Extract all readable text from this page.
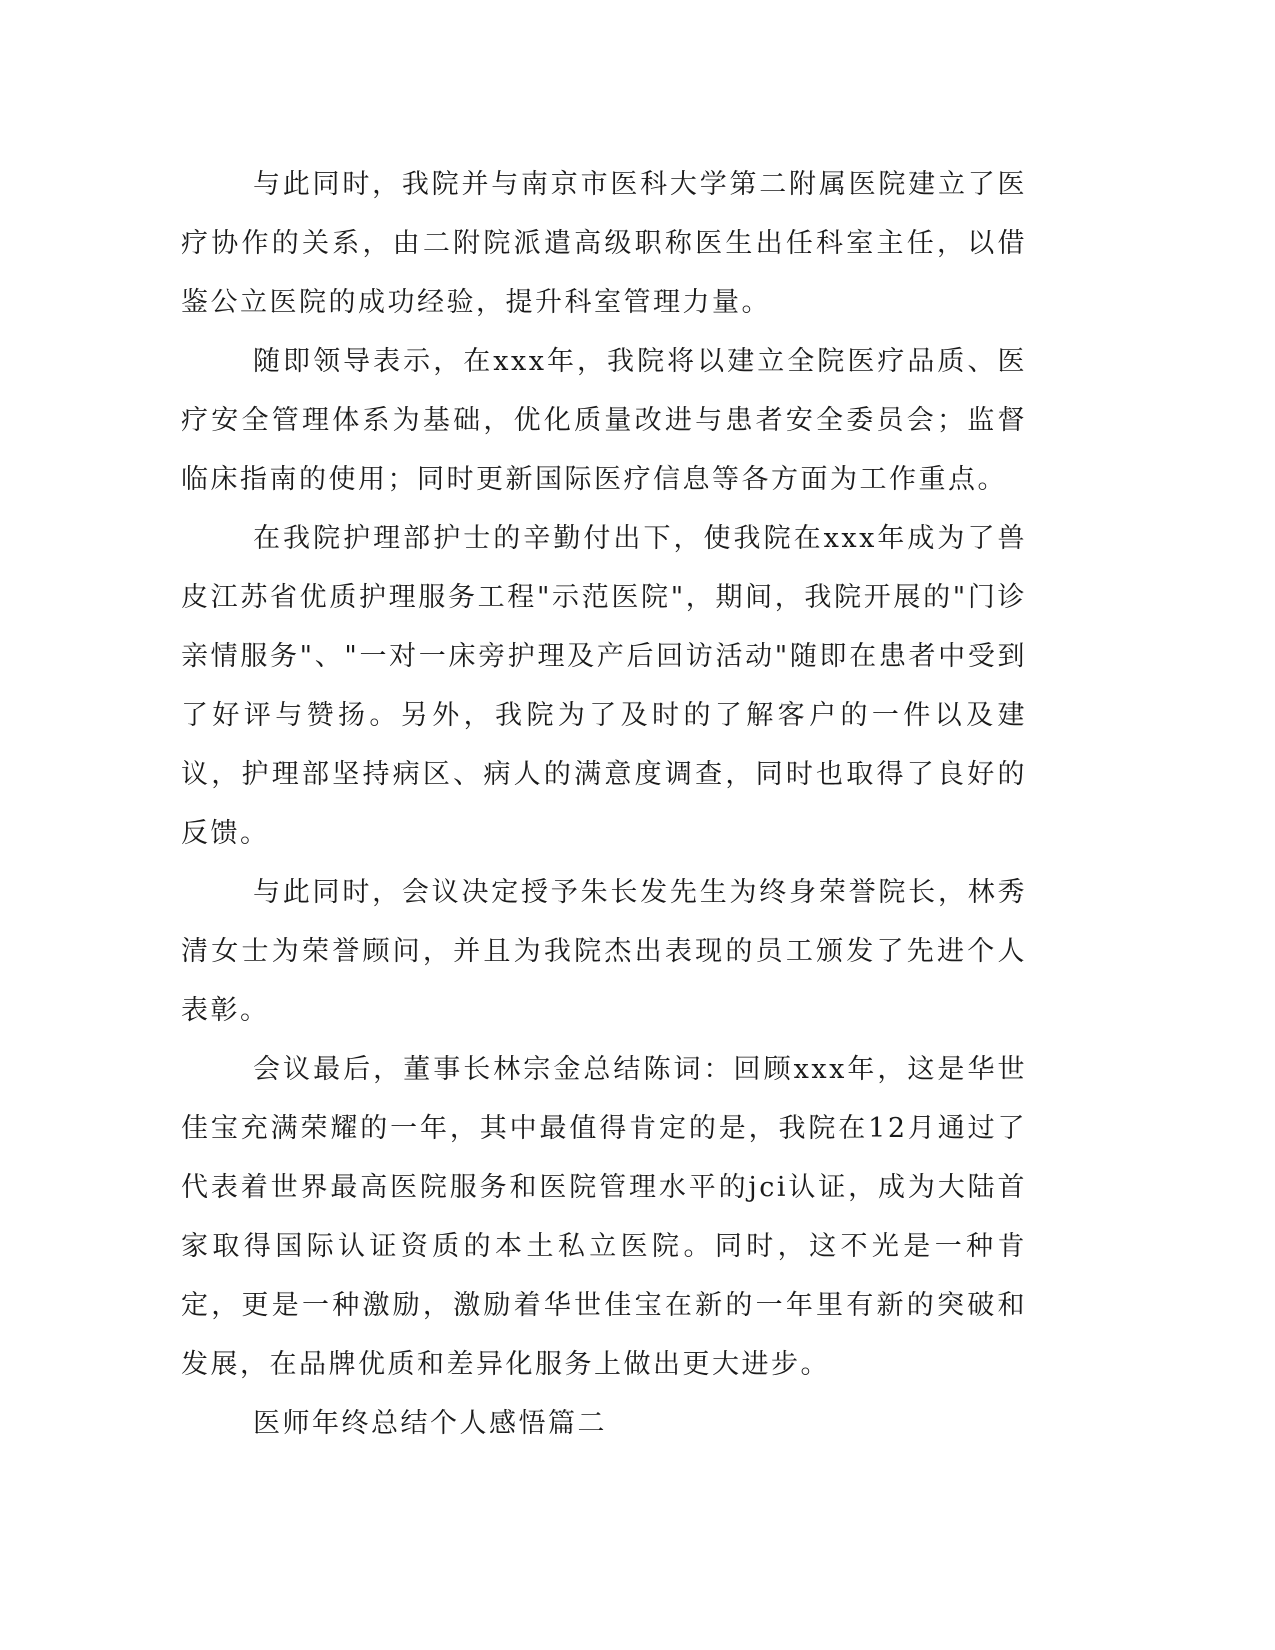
与此同时，我院并与南京市医科大学第二附属医院建立了医疗协作的关系，由二附院派遣高级职称医生出任科室主任，以借鉴公立医院的成功经验，提升科室管理力量。

随即领导表示，在xxx年，我院将以建立全院医疗品质、医疗安全管理体系为基础，优化质量改进与患者安全委员会；监督临床指南的使用；同时更新国际医疗信息等各方面为工作重点。

在我院护理部护士的辛勤付出下，使我院在xxx年成为了兽皮江苏省优质护理服务工程"示范医院"，期间，我院开展的"门诊亲情服务"、"一对一床旁护理及产后回访活动"随即在患者中受到了好评与赞扬。另外，我院为了及时的了解客户的一件以及建议，护理部坚持病区、病人的满意度调查，同时也取得了良好的反馈。

与此同时，会议决定授予朱长发先生为终身荣誉院长，林秀清女士为荣誉顾问，并且为我院杰出表现的员工颁发了先进个人表彰。

会议最后，董事长林宗金总结陈词：回顾xxx年，这是华世佳宝充满荣耀的一年，其中最值得肯定的是，我院在12月通过了代表着世界最高医院服务和医院管理水平的jci认证，成为大陆首家取得国际认证资质的本土私立医院。同时，这不光是一种肯定，更是一种激励，激励着华世佳宝在新的一年里有新的突破和发展，在品牌优质和差异化服务上做出更大进步。

医师年终总结个人感悟篇二
